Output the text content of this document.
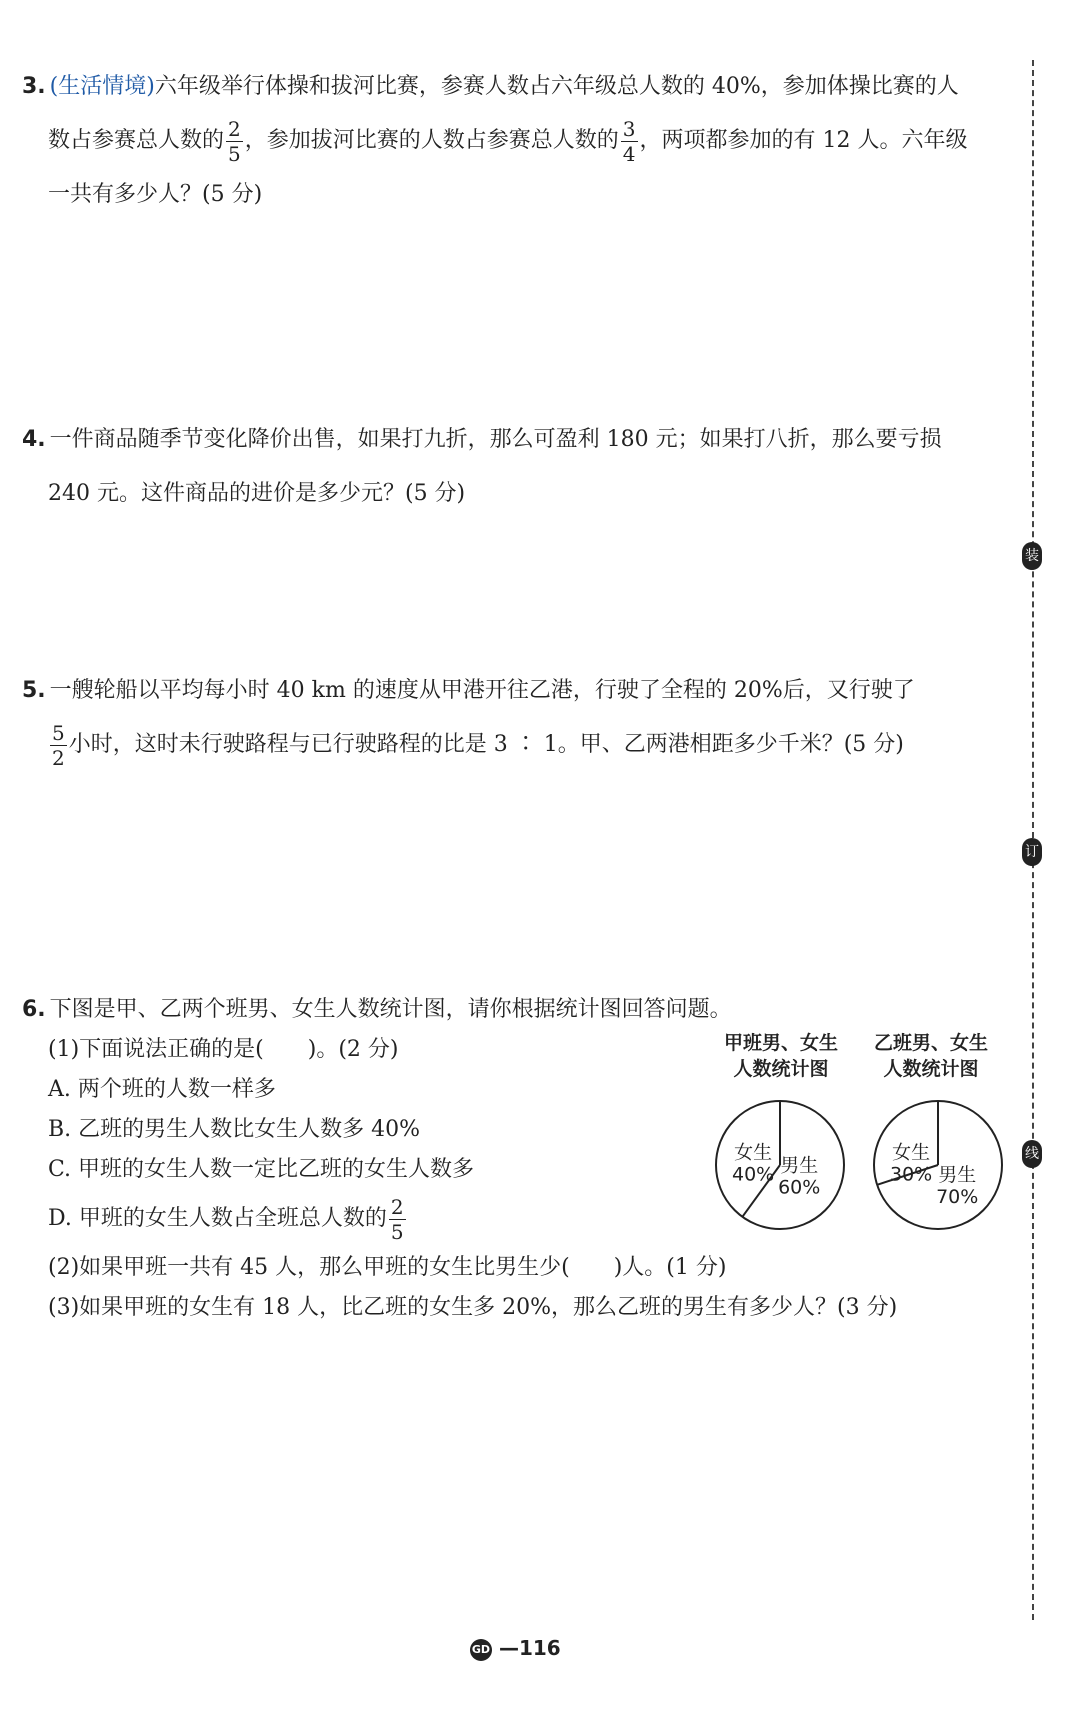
3. (生活情境)六年级举行体操和拔河比赛，参赛人数占六年级总人数的 40%，参加体操比赛的人
数占参赛总人数的 $\frac{2}{5}$ ，参加拔河比赛的人数占参赛总人数的 $\frac{3}{4}$ ，两项都参加的有 12 人。六年级
一共有多少人？(5 分)
4. 一件商品随季节变化降价出售，如果打九折，那么可盈利 180 元；如果打八折，那么要亏损
240 元。这件商品的进价是多少元？(5 分)
5. 一艘轮船以平均每小时 40 km 的速度从甲港开往乙港，行驶了全程的 20%后，又行驶了
$\frac{5}{2}$ 小时，这时未行驶路程与已行驶路程的比是 3 ∶ 1。甲、乙两港相距多少千米？(5 分)
6. 下图是甲、乙两个班男、女生人数统计图，请你根据统计图回答问题。
(1)下面说法正确的是(　　)。(2 分)
A. 两个班的人数一样多
B. 乙班的男生人数比女生人数多 40%
C. 甲班的女生人数一定比乙班的女生人数多
D. 甲班的女生人数占全班总人数的 $\frac{2}{5}$
(2)如果甲班一共有 45 人，那么甲班的女生比男生少(　　)人。(1 分)
(3)如果甲班的女生有 18 人，比乙班的女生多 20%，那么乙班的男生有多少人？(3 分)
甲班男、女生
人数统计图
乙班男、女生
人数统计图
女生
40% 男生
60%
女生
30% 男生
70%
装
订
线
GD —116
